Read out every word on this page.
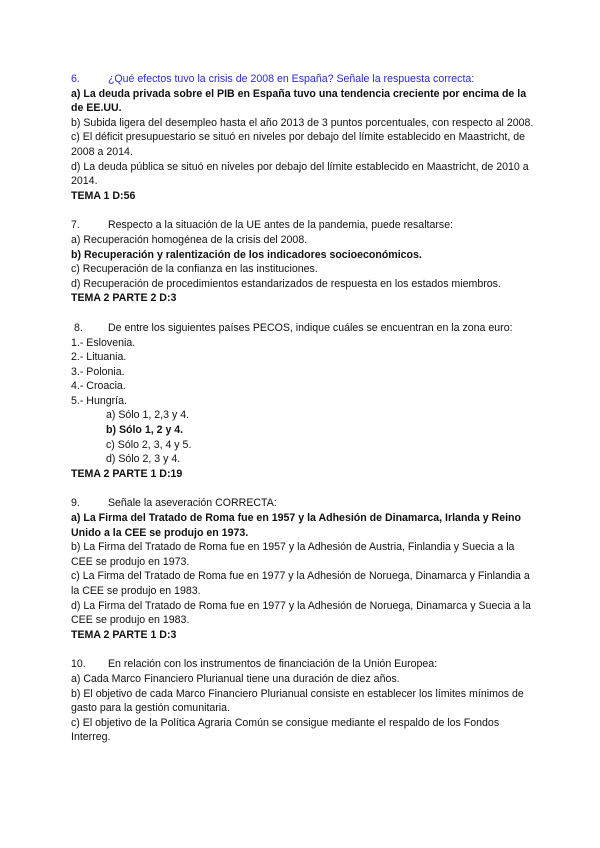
6.	¿Qué efectos tuvo la crisis de 2008 en España? Señale la respuesta correcta:

a) La deuda privada sobre el PIB en España tuvo una tendencia creciente por encima de la de EE.UU.

b) Subida ligera del desempleo hasta el año 2013 de 3 puntos porcentuales, con respecto al 2008.

c) El déficit presupuestario se situó en niveles por debajo del límite establecido en Maastricht, de 2008 a 2014.

d) La deuda pública se situó en niveles por debajo del límite establecido en Maastricht, de 2010 a 2014.

TEMA 1 D:56

7.	Respecto a la situación de la UE antes de la pandemia, puede resaltarse:

a) Recuperación homogénea de la crisis del 2008.

b) Recuperación y ralentización de los indicadores socioeconómicos.

c) Recuperación de la confianza en las instituciones.

d) Recuperación de procedimientos estandarizados de respuesta en los estados miembros.

TEMA 2 PARTE 2 D:3

8. De entre los siguientes países PECOS, indique cuáles se encuentran en la zona euro:

1.- Eslovenia.

2.- Lituania.

3.- Polonia.

4.- Croacia.

5.- Hungría.

a) Sólo 1, 2,3 y 4.

b) Sólo 1, 2 y 4.

c) Sólo 2, 3, 4 y 5.

d) Sólo 2, 3 y 4.

TEMA 2 PARTE 1 D:19

9.	Señale la aseveración CORRECTA:

a) La Firma del Tratado de Roma fue en 1957 y la Adhesión de Dinamarca, Irlanda y Reino Unido a la CEE se produjo en 1973.

b) La Firma del Tratado de Roma fue en 1957 y la Adhesión de Austria, Finlandia y Suecia a la CEE se produjo en 1973.

c) La Firma del Tratado de Roma fue en 1977 y la Adhesión de Noruega, Dinamarca y Finlandia a la CEE se produjo en 1983.

d) La Firma del Tratado de Roma fue en 1977 y la Adhesión de Noruega, Dinamarca y Suecia a la CEE se produjo en 1983.

TEMA 2 PARTE 1 D:3

10. En relación con los instrumentos de financiación de la Unión Europea:

a) Cada Marco Financiero Plurianual tiene una duración de diez años.

b) El objetivo de cada Marco Financiero Plurianual consiste en establecer los límites mínimos de gasto para la gestión comunitaria.

c) El objetivo de la Política Agraria Común se consigue mediante el respaldo de los Fondos Interreg.
